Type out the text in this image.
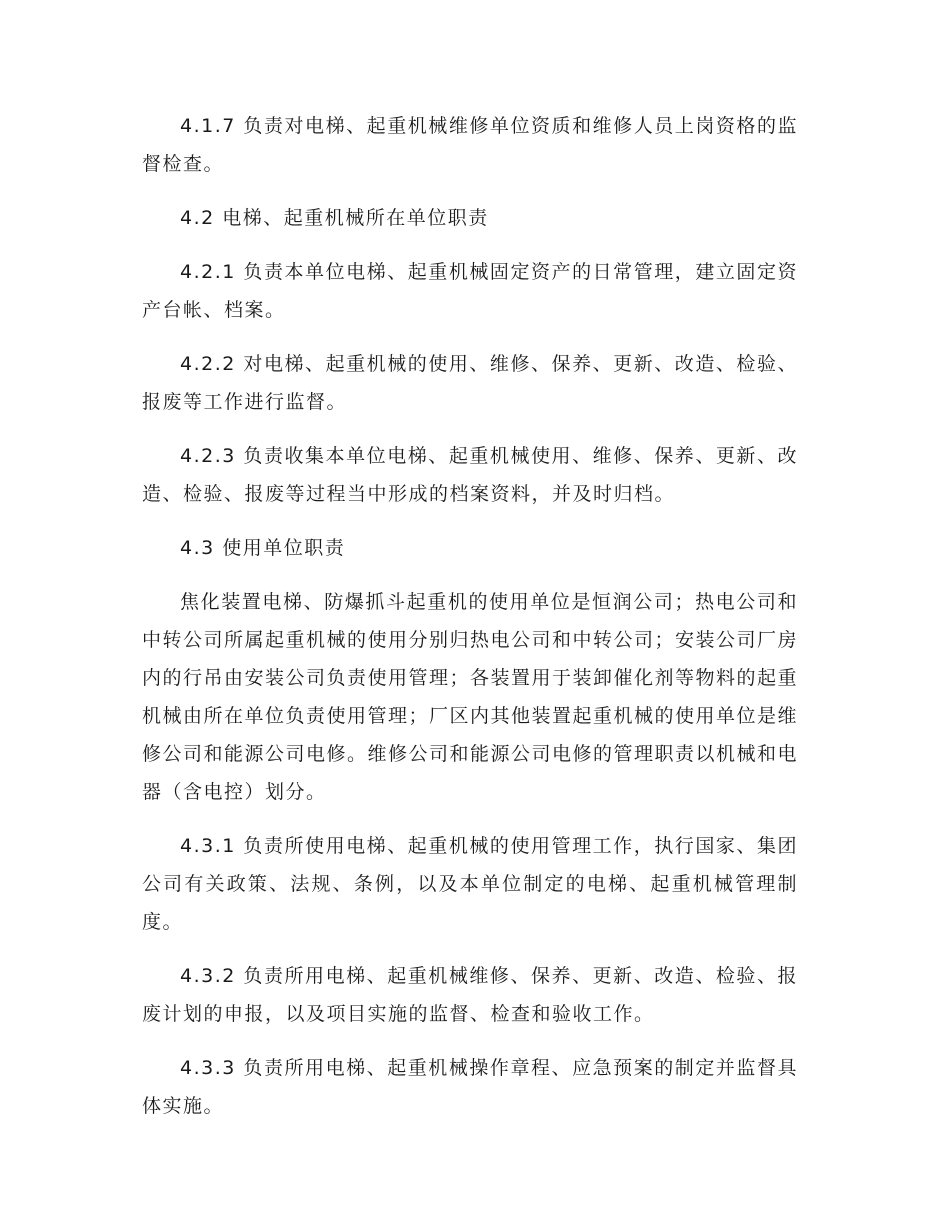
4.1.7 负责对电梯、起重机械维修单位资质和维修人员上岗资格的监督检查。

4.2 电梯、起重机械所在单位职责

4.2.1 负责本单位电梯、起重机械固定资产的日常管理，建立固定资产台帐、档案。

4.2.2 对电梯、起重机械的使用、维修、保养、更新、改造、检验、报废等工作进行监督。

4.2.3 负责收集本单位电梯、起重机械使用、维修、保养、更新、改造、检验、报废等过程当中形成的档案资料，并及时归档。

4.3 使用单位职责

焦化装置电梯、防爆抓斗起重机的使用单位是恒润公司；热电公司和中转公司所属起重机械的使用分别归热电公司和中转公司；安装公司厂房内的行吊由安装公司负责使用管理；各装置用于装卸催化剂等物料的起重机械由所在单位负责使用管理；厂区内其他装置起重机械的使用单位是维修公司和能源公司电修。维修公司和能源公司电修的管理职责以机械和电器（含电控）划分。

4.3.1 负责所使用电梯、起重机械的使用管理工作，执行国家、集团公司有关政策、法规、条例，以及本单位制定的电梯、起重机械管理制度。

4.3.2 负责所用电梯、起重机械维修、保养、更新、改造、检验、报废计划的申报，以及项目实施的监督、检查和验收工作。

4.3.3 负责所用电梯、起重机械操作章程、应急预案的制定并监督具体实施。
